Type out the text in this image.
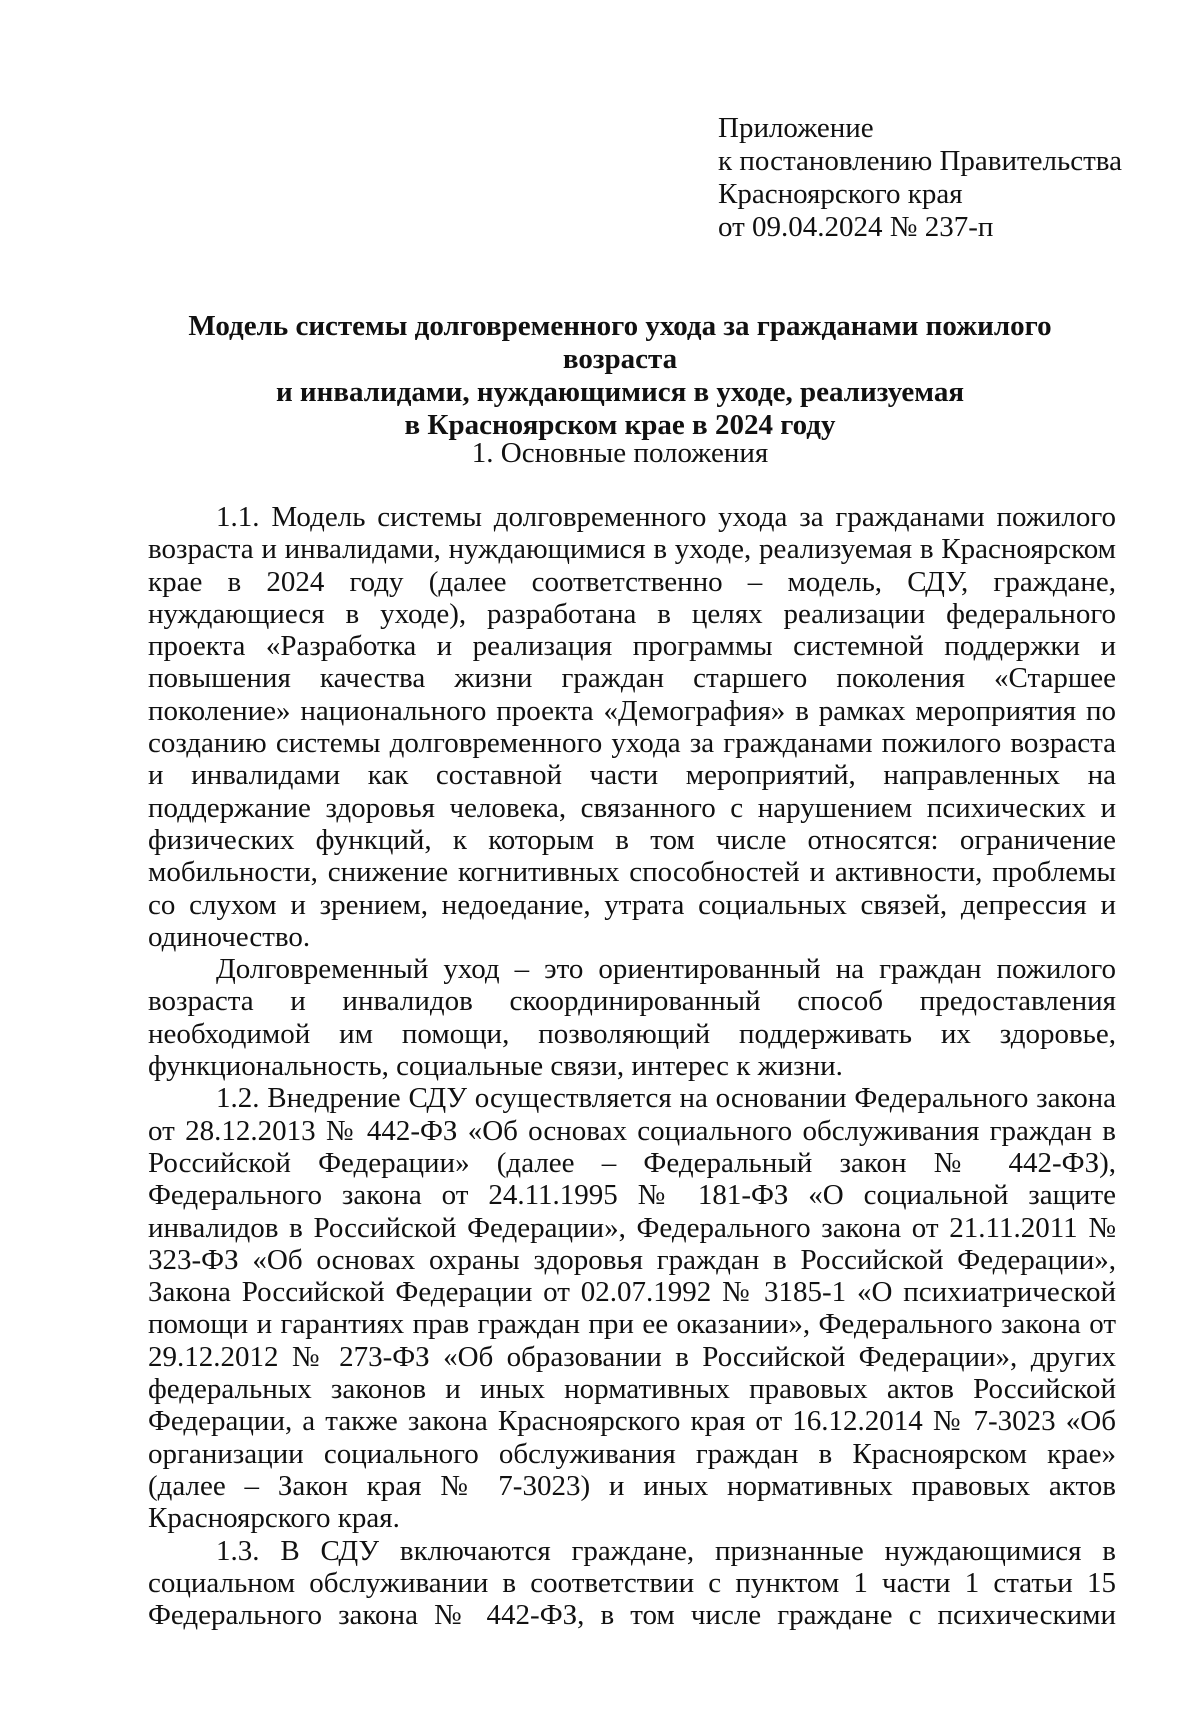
Приложение
к постановлению Правительства
Красноярского края
от 09.04.2024 № 237-п
Модель системы долговременного ухода за гражданами пожилого возраста
и инвалидами, нуждающимися в уходе, реализуемая
в Красноярском крае в 2024 году
1. Основные положения

1.1. Модель системы долговременного ухода за гражданами пожилого возраста и инвалидами, нуждающимися в уходе, реализуемая в Красноярском крае в 2024 году (далее соответственно – модель, СДУ, граждане, нуждающиеся в уходе), разработана в целях реализации федерального проекта «Разработка и реализация программы системной поддержки и повышения качества жизни граждан старшего поколения «Старшее поколение» национального проекта «Демография» в рамках мероприятия по созданию системы долговременного ухода за гражданами пожилого возраста и инвалидами как составной части мероприятий, направленных на поддержание здоровья человека, связанного с нарушением психических и физических функций, к которым в том числе относятся: ограничение мобильности, снижение когнитивных способностей и активности, проблемы со слухом и зрением, недоедание, утрата социальных связей, депрессия и одиночество.

Долговременный уход – это ориентированный на граждан пожилого возраста и инвалидов скоординированный способ предоставления необходимой им помощи, позволяющий поддерживать их здоровье, функциональность, социальные связи, интерес к жизни.

1.2. Внедрение СДУ осуществляется на основании Федерального закона от 28.12.2013 № 442-ФЗ «Об основах социального обслуживания граждан в Российской Федерации» (далее – Федеральный закон № 442-ФЗ), Федерального закона от 24.11.1995 № 181-ФЗ «О социальной защите инвалидов в Российской Федерации», Федерального закона от 21.11.2011 № 323-ФЗ «Об основах охраны здоровья граждан в Российской Федерации», Закона Российской Федерации от 02.07.1992 № 3185-1 «О психиатрической помощи и гарантиях прав граждан при ее оказании», Федерального закона от 29.12.2012 № 273-ФЗ «Об образовании в Российской Федерации», других федеральных законов и иных нормативных правовых актов Российской Федерации, а также закона Красноярского края от 16.12.2014 № 7-3023 «Об организации социального обслуживания граждан в Красноярском крае» (далее – Закон края № 7-3023) и иных нормативных правовых актов Красноярского края.

1.3. В СДУ включаются граждане, признанные нуждающимися в социальном обслуживании в соответствии с пунктом 1 части 1 статьи 15 Федерального закона № 442-ФЗ, в том числе граждане с психическими
